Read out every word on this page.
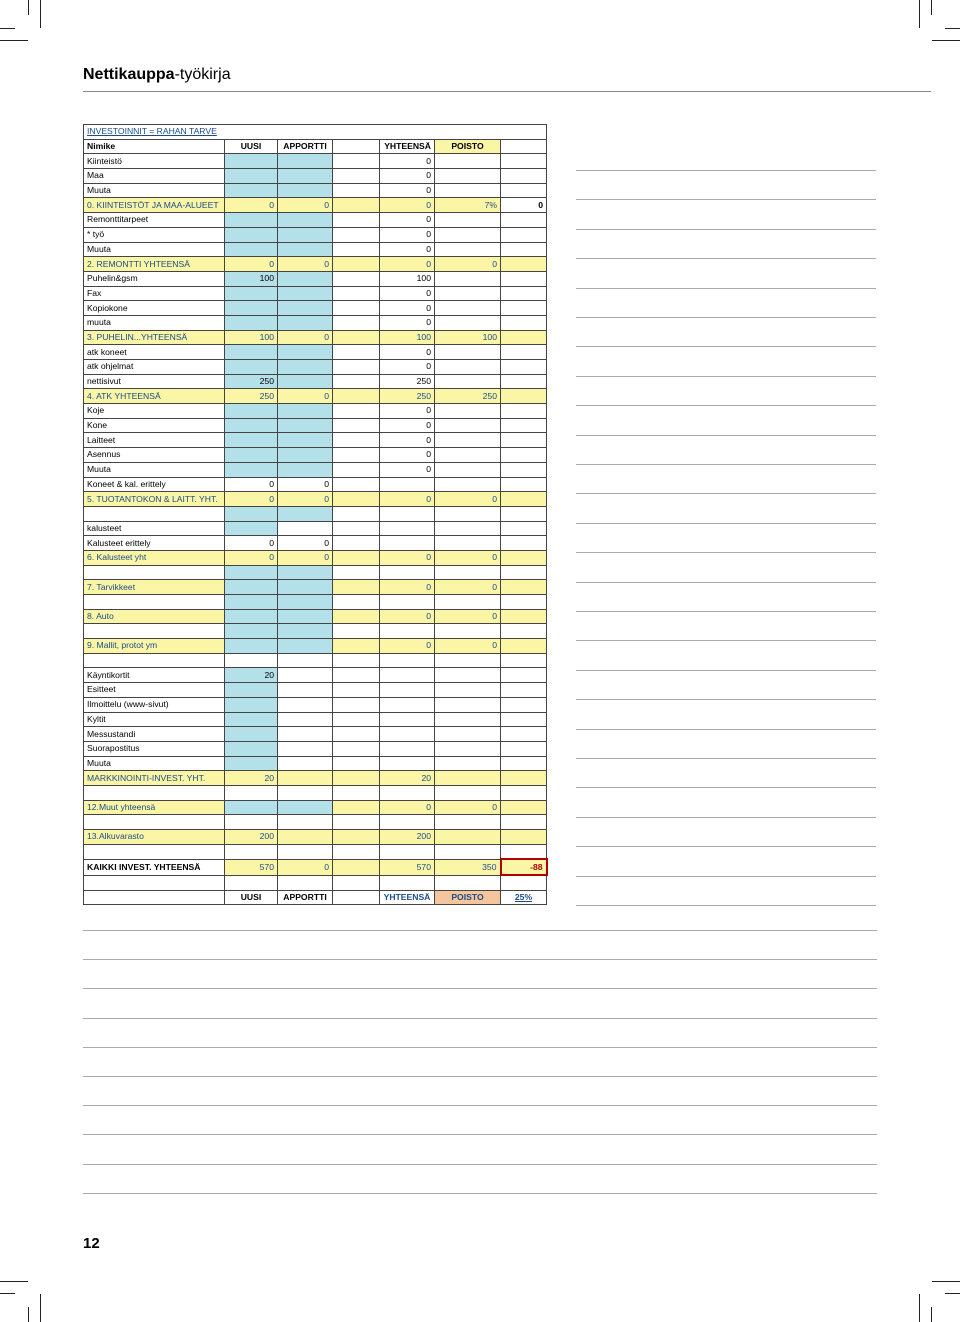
Nettikauppa-työkirja
INVESTOINNIT = RAHAN TARVE						
Nimike	UUSI	APPORTTI		YHTEENSÄ	POISTO	
Kiinteistö				0		
Maa				0		
Muuta				0		
0. KIINTEISTÖT JA MAA-ALUEET	0	0		0	7%	0
Remonttitarpeet				0		
* työ				0		
Muuta				0		
2. REMONTTI YHTEENSÄ	0	0		0	0	
Puhelin&gsm	100			100		
Fax				0		
Kopiokone				0		
muuta				0		
3. PUHELIN...YHTEENSÄ	100	0		100	100	
atk koneet				0		
atk ohjelmat				0		
nettisivut	250			250		
4. ATK YHTEENSÄ	250	0		250	250	
Koje				0		
Kone				0		
Laitteet				0		
Asennus				0		
Muuta				0		
Koneet & kal. erittely	0	0				
5. TUOTANTOKON & LAITT. YHT.	0	0		0	0	

kalusteet						
Kalusteet erittely	0	0				
6. Kalusteet yht	0	0		0	0	

7. Tarvikkeet				0	0	

8. Auto				0	0	

9. Mallit, protot ym				0	0	

Käyntikortit	20					
Esitteet						
Ilmoittelu (www-sivut)						
Kyltit						
Messustandi						
Suorapostitus						
Muuta						
MARKKINOINTI-INVEST. YHT.	20			20		

12.Muut yhteensä				0	0	

13.Alkuvarasto	200			200		

KAIKKI INVEST. YHTEENSÄ	570	0		570	350	-88

	UUSI	APPORTTI		YHTEENSÄ	POISTO	25%
12
